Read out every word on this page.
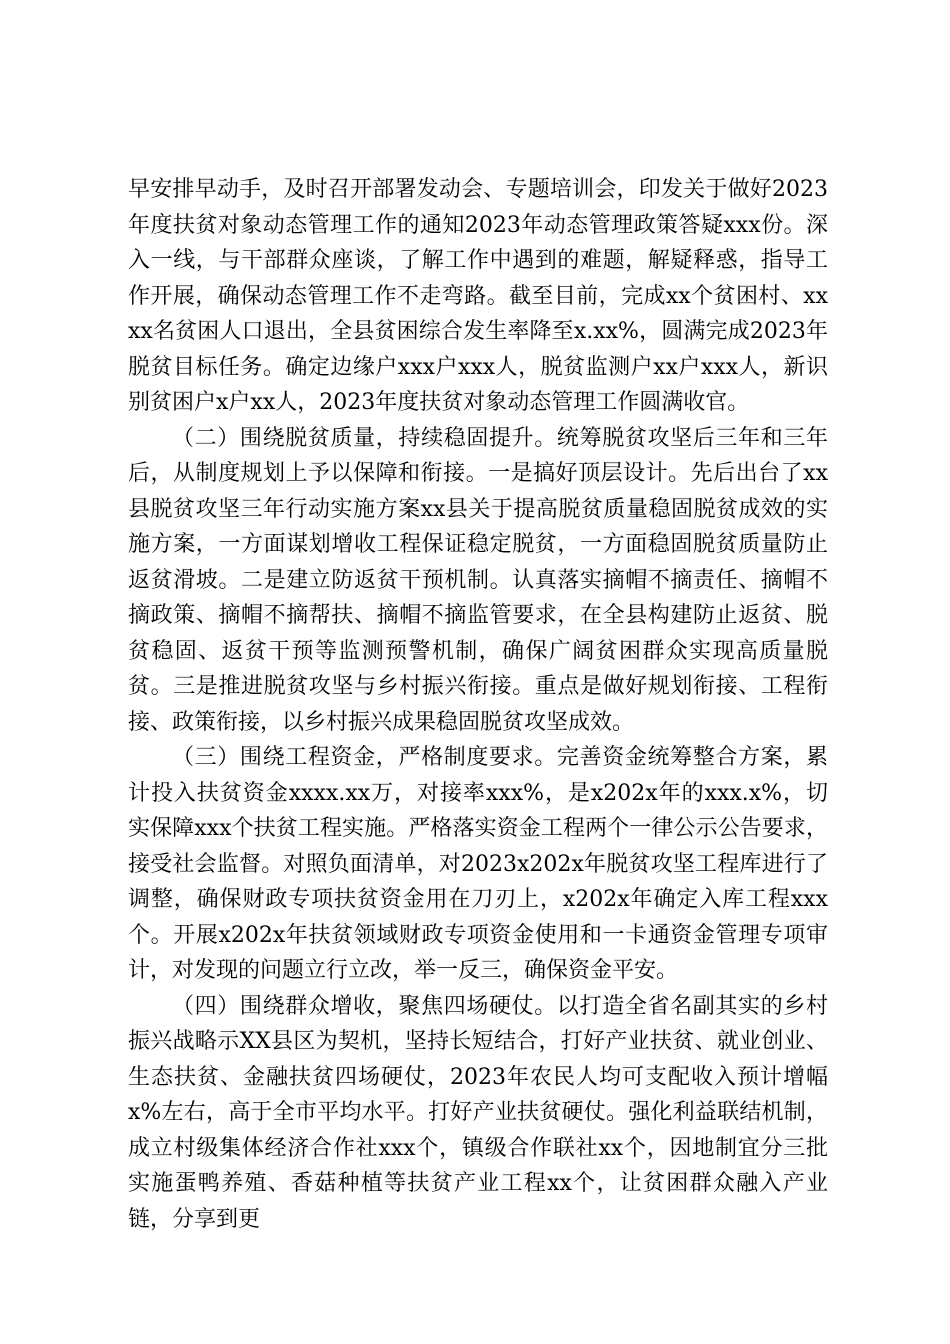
早安排早动手，及时召开部署发动会、专题培训会，印发关于做好2023年度扶贫对象动态管理工作的通知2023年动态管理政策答疑xxx份。深入一线，与干部群众座谈，了解工作中遇到的难题，解疑释惑，指导工作开展，确保动态管理工作不走弯路。截至目前，完成xx个贫困村、xxxx名贫困人口退出，全县贫困综合发生率降至x.xx%，圆满完成2023年脱贫目标任务。确定边缘户xxx户xxx人，脱贫监测户xx户xxx人，新识别贫困户x户xx人，2023年度扶贫对象动态管理工作圆满收官。

（二）围绕脱贫质量，持续稳固提升。统筹脱贫攻坚后三年和三年后，从制度规划上予以保障和衔接。一是搞好顶层设计。先后出台了xx县脱贫攻坚三年行动实施方案xx县关于提高脱贫质量稳固脱贫成效的实施方案，一方面谋划增收工程保证稳定脱贫，一方面稳固脱贫质量防止返贫滑坡。二是建立防返贫干预机制。认真落实摘帽不摘责任、摘帽不摘政策、摘帽不摘帮扶、摘帽不摘监管要求，在全县构建防止返贫、脱贫稳固、返贫干预等监测预警机制，确保广阔贫困群众实现高质量脱贫。三是推进脱贫攻坚与乡村振兴衔接。重点是做好规划衔接、工程衔接、政策衔接，以乡村振兴成果稳固脱贫攻坚成效。

（三）围绕工程资金，严格制度要求。完善资金统筹整合方案，累计投入扶贫资金xxxx.xx万，对接率xxx%，是x202x年的xxx.x%，切实保障xxx个扶贫工程实施。严格落实资金工程两个一律公示公告要求，接受社会监督。对照负面清单，对2023x202x年脱贫攻坚工程库进行了调整，确保财政专项扶贫资金用在刀刃上，x202x年确定入库工程xxx个。开展x202x年扶贫领域财政专项资金使用和一卡通资金管理专项审计，对发现的问题立行立改，举一反三，确保资金平安。

（四）围绕群众增收，聚焦四场硬仗。以打造全省名副其实的乡村振兴战略示XX县区为契机，坚持长短结合，打好产业扶贫、就业创业、生态扶贫、金融扶贫四场硬仗，2023年农民人均可支配收入预计增幅x%左右，高于全市平均水平。打好产业扶贫硬仗。强化利益联结机制，成立村级集体经济合作社xxx个，镇级合作联社xx个，因地制宜分三批实施蛋鸭养殖、香菇种植等扶贫产业工程xx个，让贫困群众融入产业链，分享到更
